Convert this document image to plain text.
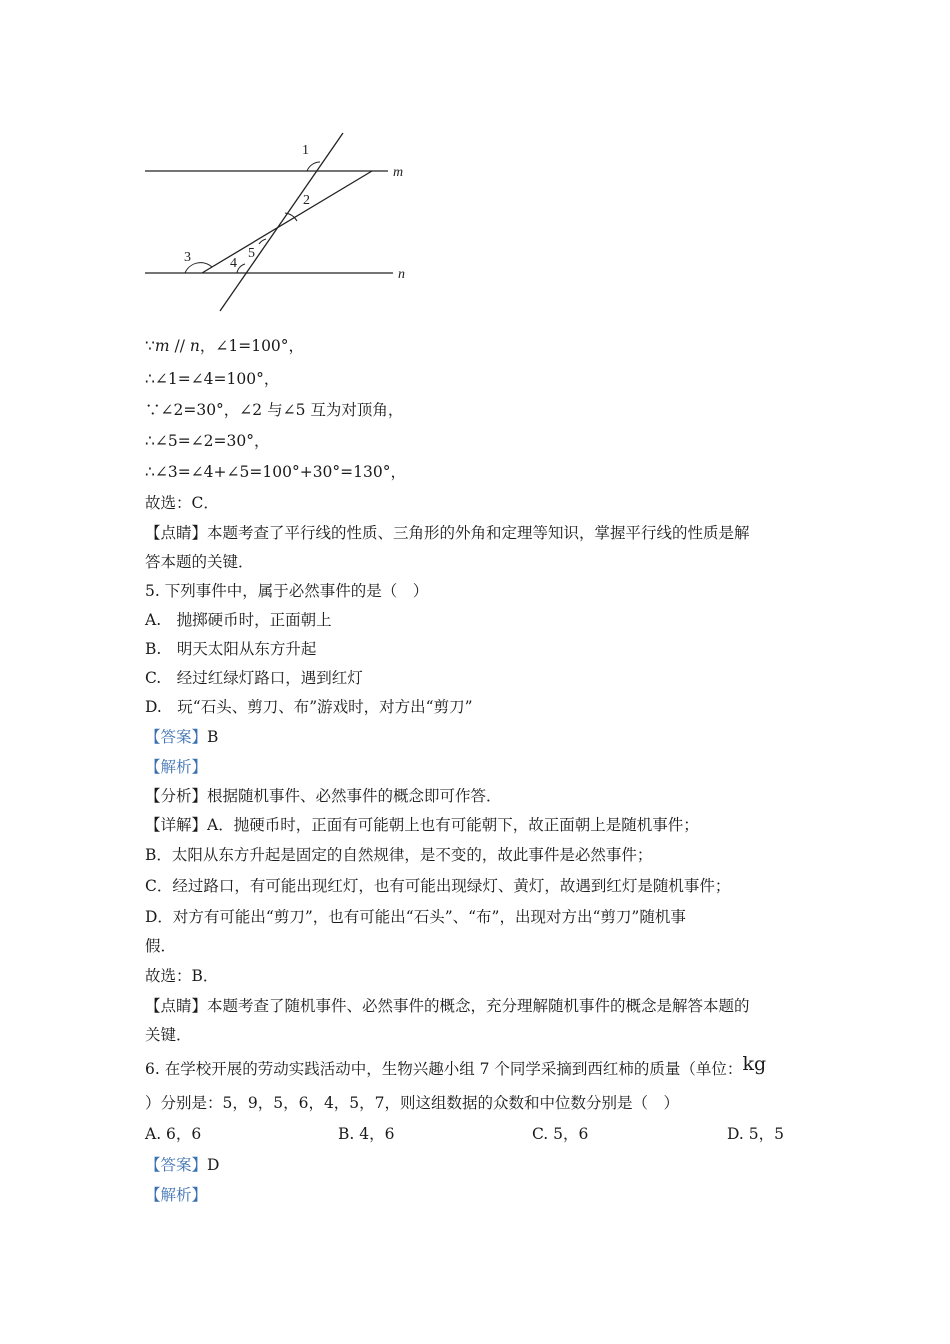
1
2
3	4
5
m
n
∵m // n，∠1=100°，
∴∠1=∠4=100°，
∵∠2=30°，∠2 与∠5 互为对顶角，
∴∠5=∠2=30°，
∴∠3=∠4+∠5=100°+30°=130°，
故选：C．
【点睛】本题考查了平行线的性质、三角形的外角和定理等知识，掌握平行线的性质是解
答本题的关键．
5. 下列事件中，属于必然事件的是（　）
A.　抛掷硬币时，正面朝上
B.　明天太阳从东方升起
C.　经过红绿灯路口，遇到红灯
D.　玩“石头、剪刀、布”游戏时，对方出“剪刀”
【答案】B
【解析】
【分析】根据随机事件、必然事件的概念即可作答．
【详解】A．抛硬币时，正面有可能朝上也有可能朝下，故正面朝上是随机事件；
B．太阳从东方升起是固定的自然规律，是不变的，故此事件是必然事件；
C．经过路口，有可能出现红灯，也有可能出现绿灯、黄灯，故遇到红灯是随机事件；
D．对方有可能出“剪刀”，也有可能出“石头”、“布”，出现对方出“剪刀”随机事
假．
故选：B．
【点睛】本题考查了随机事件、必然事件的概念，充分理解随机事件的概念是解答本题的
关键．
6. 在学校开展的劳动实践活动中，生物兴趣小组 7 个同学采摘到西红柿的质量（单位：kg
）分别是：5，9，5，6，4，5，7，则这组数据的众数和中位数分别是（　）
A. 6，6	B. 4，6	C. 5，6	D. 5，5
【答案】D
【解析】
